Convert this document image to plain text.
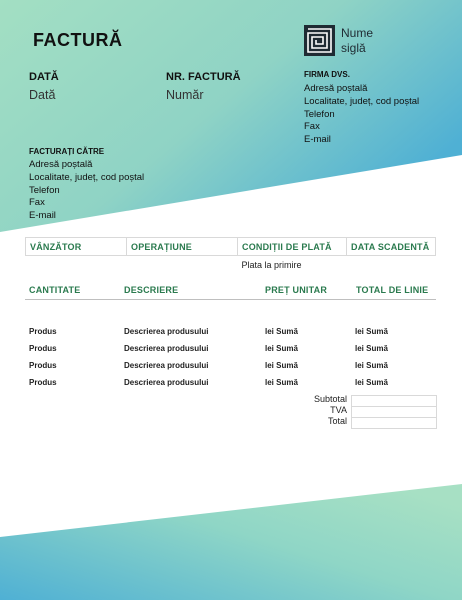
FACTURĂ
DATĂ
Dată
NR. FACTURĂ
Număr
Nume
siglă
FIRMA DVS.
Adresă poștală
Localitate, județ, cod poștal
Telefon
Fax
E-mail
FACTURAȚI CĂTRE
Adresă poștală
Localitate, județ, cod poștal
Telefon
Fax
E-mail
VÂNZĂTOR	OPERAȚIUNE	CONDIȚII DE PLATĂ	DATA SCADENTĂ
		Plata la primire	
CANTITATE	DESCRIERE	PREȚ UNITAR	TOTAL DE LINIE
Produs	Descrierea produsului	lei Sumă	lei Sumă
Produs	Descrierea produsului	lei Sumă	lei Sumă
Produs	Descrierea produsului	lei Sumă	lei Sumă
Produs	Descrierea produsului	lei Sumă	lei Sumă
Subtotal
TVA
Total
